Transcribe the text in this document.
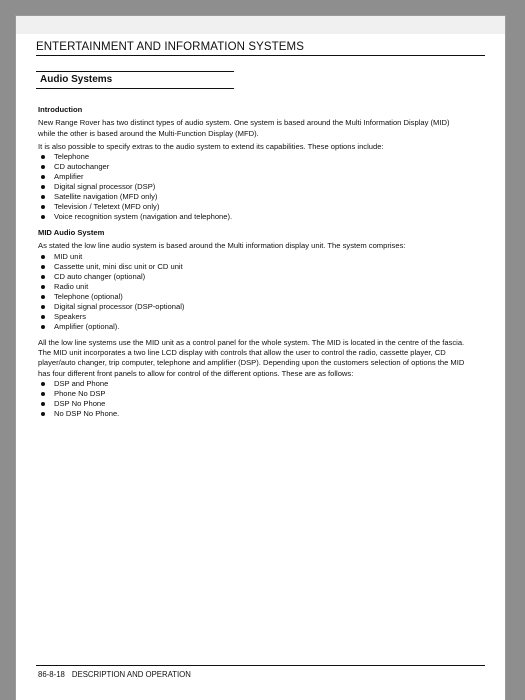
ENTERTAINMENT AND INFORMATION SYSTEMS
Audio Systems

Introduction

New Range Rover has two distinct types of audio system. One system is based around the Multi Information Display (MID) while the other is based around the Multi-Function Display (MFD).

It is also possible to specify extras to the audio system to extend its capabilities. These options include:

Telephone
CD autochanger
Amplifier
Digital signal processor (DSP)
Satellite navigation (MFD only)
Television / Teletext (MFD only)
Voice recognition system (navigation and telephone).

MID Audio System

As stated the low line audio system is based around the Multi information display unit. The system comprises:

MID unit
Cassette unit, mini disc unit or CD unit
CD auto changer (optional)
Radio unit
Telephone (optional)
Digital signal processor (DSP-optional)
Speakers
Amplifier (optional).

All the low line systems use the MID unit as a control panel for the whole system. The MID is located in the centre of the fascia. The MID unit incorporates a two line LCD display with controls that allow the user to control the radio, cassette player, CD player/auto changer, trip computer, telephone and amplifier (DSP). Depending upon the customers selection of options the MID has four different front panels to allow for control of the different options. These are as follows:

DSP and Phone
Phone No DSP
DSP No Phone
No DSP No Phone.
86-8-18 DESCRIPTION AND OPERATION
